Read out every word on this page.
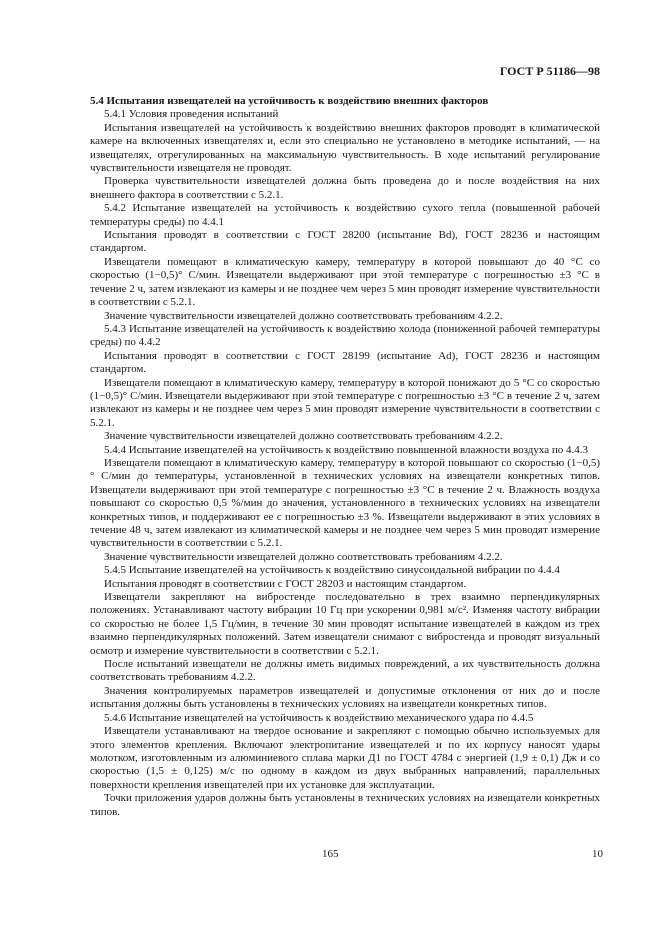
ГОСТ Р 51186—98

5.4 Испытания извещателей на устойчивость к воздействию внешних факторов

5.4.1 Условия проведения испытаний

Испытания извещателей на устойчивость к воздействию внешних факторов проводят в климатической камере на включенных извещателях и, если это специально не установлено в методике испытаний, — на извещателях, отрегулированных на максимальную чувствительность. В ходе испытаний регулирование чувствительности извещателя не проводят.

Проверка чувствительности извещателей должна быть проведена до и после воздействия на них внешнего фактора в соответствии с 5.2.1.

5.4.2 Испытание извещателей на устойчивость к воздействию сухого тепла (повышенной рабочей температуры среды) по 4.4.1

Испытания проводят в соответствии с ГОСТ 28200 (испытание Bd), ГОСТ 28236 и настоящим стандартом.

Извещатели помещают в климатическую камеру, температуру в которой повышают до 40 °С со скоростью (1−0,5)° С/мин. Извещатели выдерживают при этой температуре с погрешностью ±3 °С в течение 2 ч, затем извлекают из камеры и не позднее чем через 5 мин проводят измерение чувствительности в соответствии с 5.2.1.

Значение чувствительности извещателей должно соответствовать требованиям 4.2.2.

5.4.3 Испытание извещателей на устойчивость к воздействию холода (пониженной рабочей температуры среды) по 4.4.2

Испытания проводят в соответствии с ГОСТ 28199 (испытание Ad), ГОСТ 28236 и настоящим стандартом.

Извещатели помещают в климатическую камеру, температуру в которой понижают до 5 °С со скоростью (1−0,5)° С/мин. Извещатели выдерживают при этой температуре с погрешностью ±3 °С в течение 2 ч, затем извлекают из камеры и не позднее чем через 5 мин проводят измерение чувствительности в соответствии с 5.2.1.

Значение чувствительности извещателей должно соответствовать требованиям 4.2.2.

5.4.4 Испытание извещателей на устойчивость к воздействию повышенной влажности воздуха по 4.4.3

Извещатели помещают в климатическую камеру, температуру в которой повышают со скоростью (1−0,5)° С/мин до температуры, установленной в технических условиях на извещатели конкретных типов. Извещатели выдерживают при этой температуре с погрешностью ±3 °С в течение 2 ч. Влажность воздуха повышают со скоростью 0,5 %/мин до значения, установленного в технических условиях на извещатели конкретных типов, и поддерживают ее с погрешностью ±3 %. Извещатели выдерживают в этих условиях в течение 48 ч, затем извлекают из климатической камеры и не позднее чем через 5 мин проводят измерение чувствительности в соответствии с 5.2.1.

Значение чувствительности извещателей должно соответствовать требованиям 4.2.2.

5.4.5 Испытание извещателей на устойчивость к воздействию синусоидальной вибрации по 4.4.4

Испытания проводят в соответствии с ГОСТ 28203 и настоящим стандартом.

Извещатели закрепляют на вибростенде последовательно в трех взаимно перпендикулярных положениях. Устанавливают частоту вибрации 10 Гц при ускорении 0,981 м/с². Изменяя частоту вибрации со скоростью не более 1,5 Гц/мин, в течение 30 мин проводят испытание извещателей в каждом из трех взаимно перпендикулярных положений. Затем извещатели снимают с вибростенда и проводят визуальный осмотр и измерение чувствительности в соответствии с 5.2.1.

После испытаний извещатели не должны иметь видимых повреждений, а их чувствительность должна соответствовать требованиям 4.2.2.

Значения контролируемых параметров извещателей и допустимые отклонения от них до и после испытания должны быть установлены в технических условиях на извещатели конкретных типов.

5.4.6 Испытание извещателей на устойчивость к воздействию механического удара по 4.4.5

Извещатели устанавливают на твердое основание и закрепляют с помощью обычно используемых для этого элементов крепления. Включают электропитание извещателей и по их корпусу наносят удары молотком, изготовленным из алюминиевого сплава марки Д1 по ГОСТ 4784 с энергией (1,9 ± 0,1) Дж и со скоростью (1,5 ± 0,125) м/с по одному в каждом из двух выбранных направлений, параллельных поверхности крепления извещателей при их установке для эксплуатации.

Точки приложения ударов должны быть установлены в технических условиях на извещатели конкретных типов.

165	10
